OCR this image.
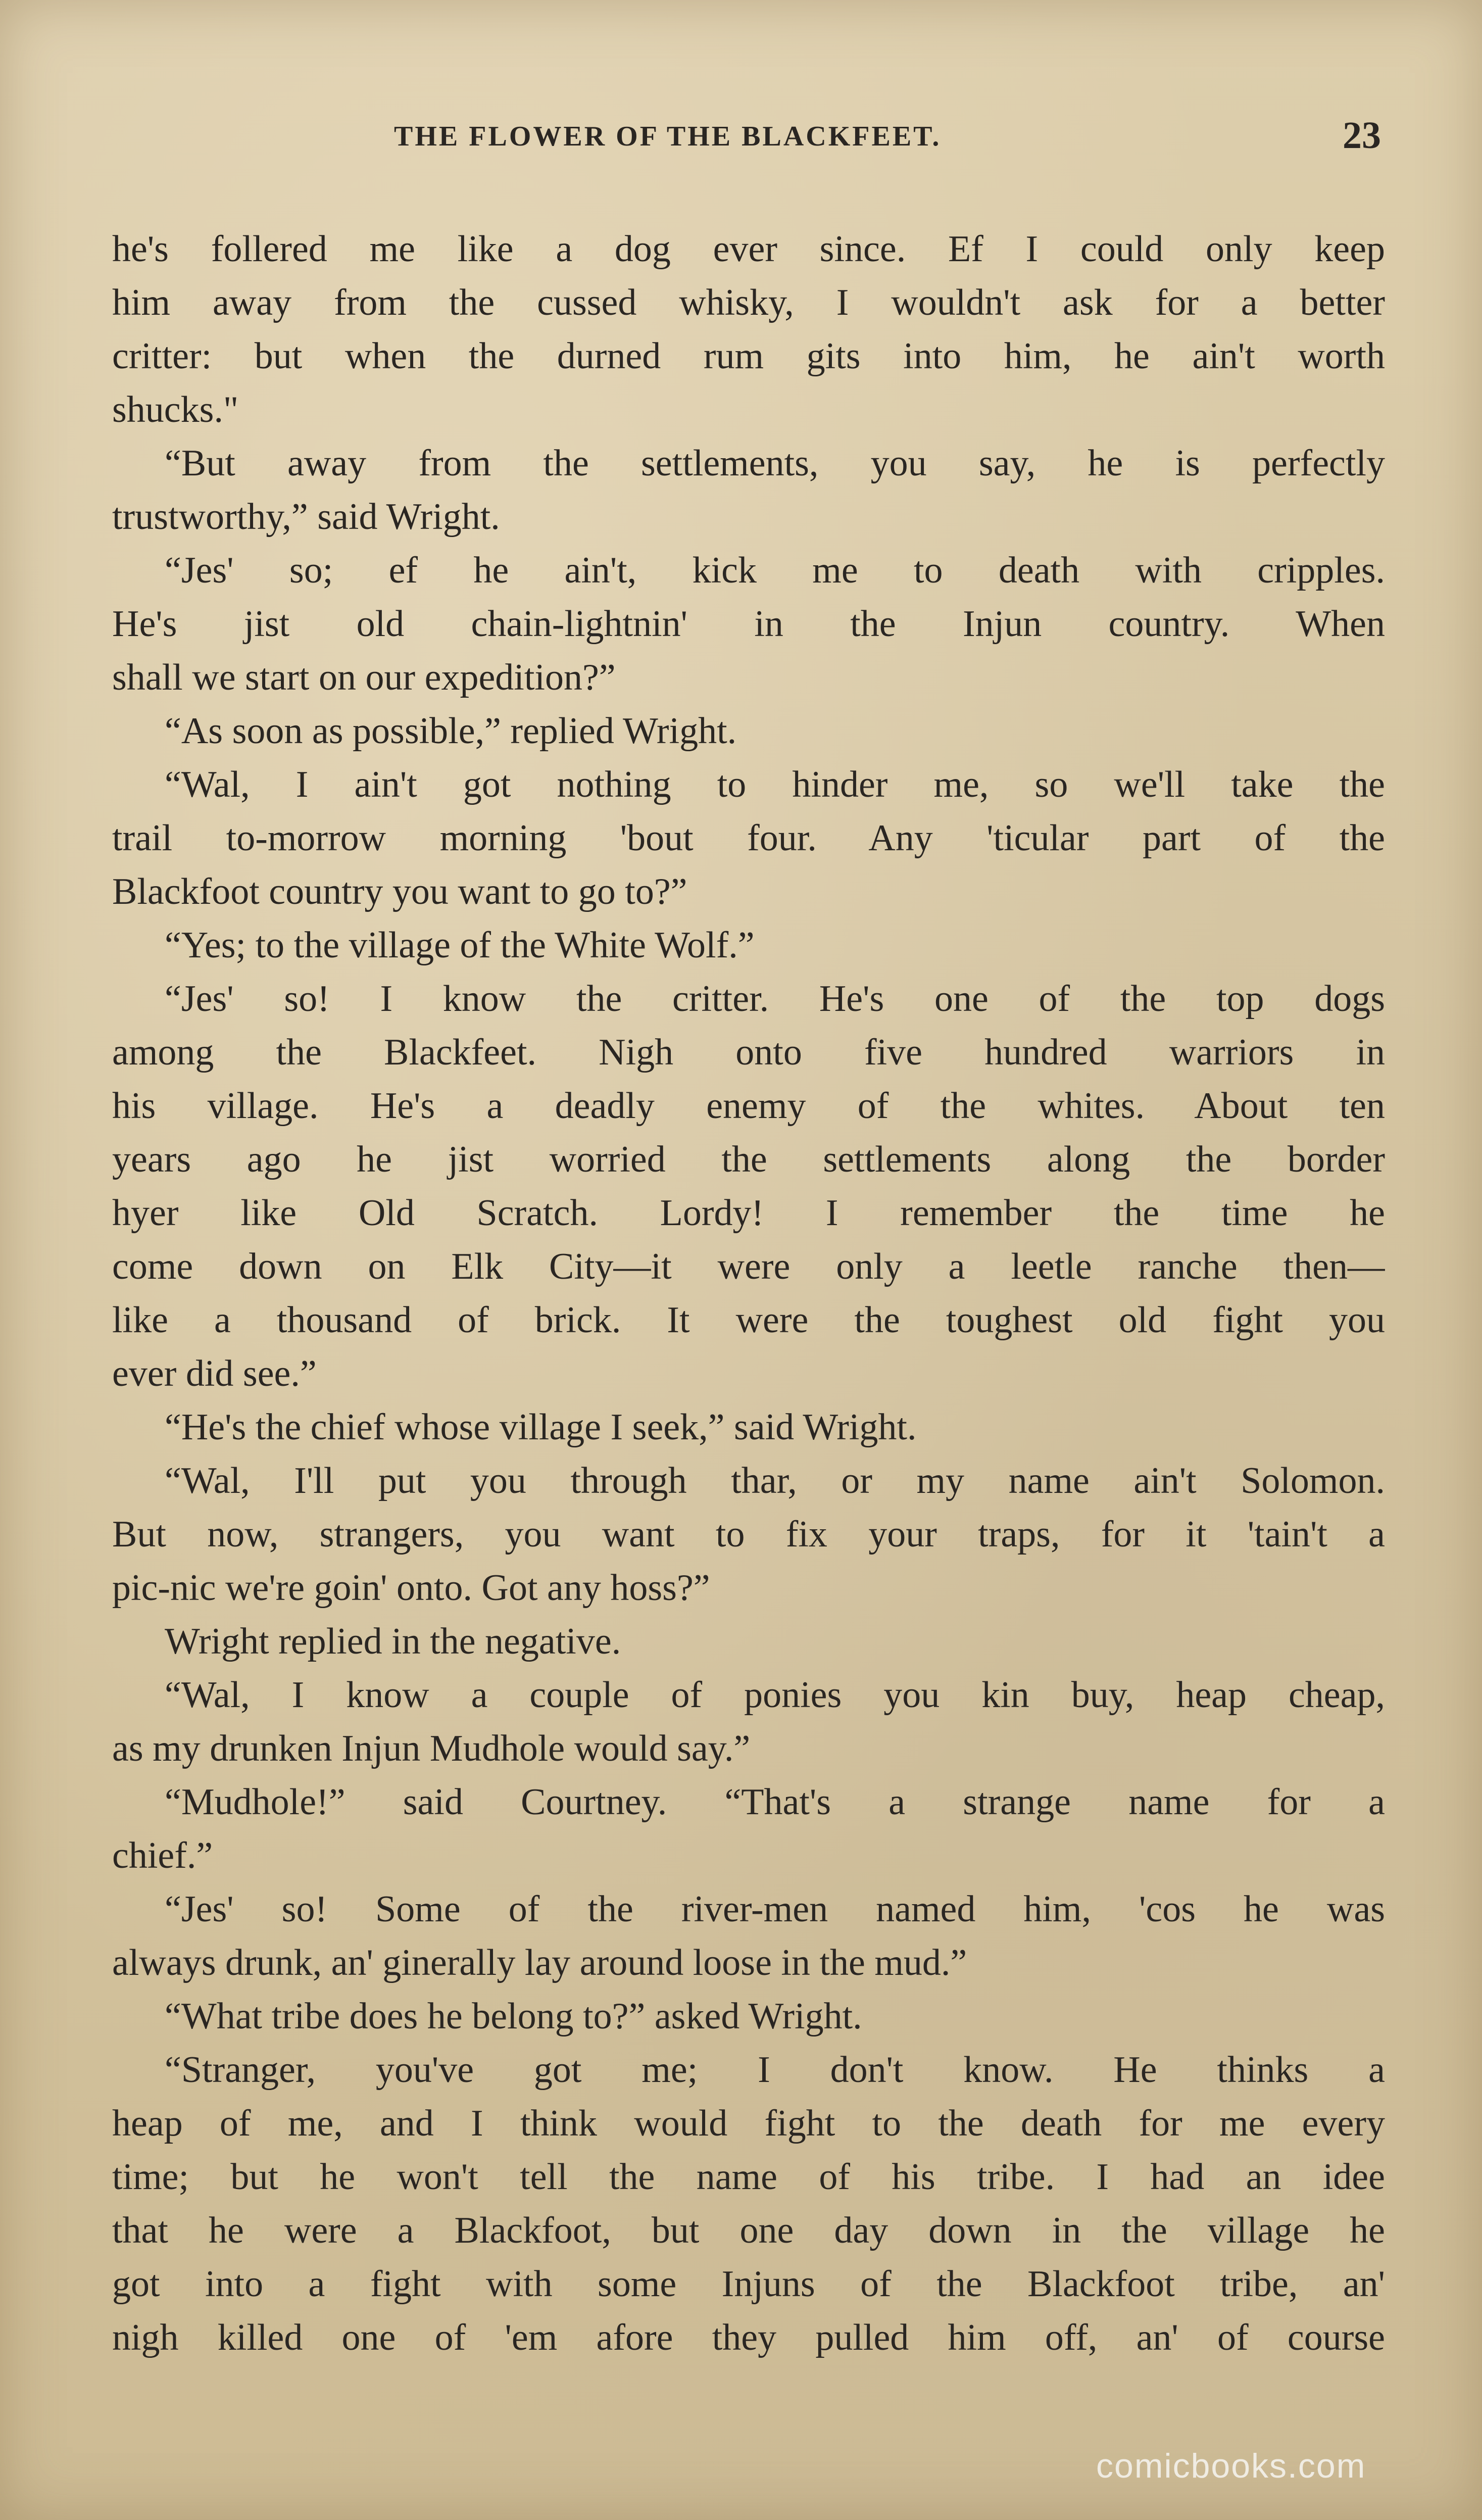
THE FLOWER OF THE BLACKFEET.	23
he's follered me like a dog ever since. Ef I could only keep
him away from the cussed whisky, I wouldn't ask for a better
critter: but when the durned rum gits into him, he ain't worth
shucks."
“But away from the settlements, you say, he is perfectly
trustworthy,” said Wright.
“Jes' so; ef he ain't, kick me to death with cripples.
He's jist old chain-lightnin' in the Injun country. When
shall we start on our expedition?”
“As soon as possible,” replied Wright.
“Wal, I ain't got nothing to hinder me, so we'll take the
trail to-morrow morning 'bout four. Any 'ticular part of the
Blackfoot country you want to go to?”
“Yes; to the village of the White Wolf.”
“Jes' so! I know the critter. He's one of the top dogs
among the Blackfeet. Nigh onto five hundred warriors in
his village. He's a deadly enemy of the whites. About ten
years ago he jist worried the settlements along the border
hyer like Old Scratch. Lordy! I remember the time he
come down on Elk City—it were only a leetle ranche then—
like a thousand of brick. It were the toughest old fight you
ever did see.”
“He's the chief whose village I seek,” said Wright.
“Wal, I'll put you through thar, or my name ain't Solomon.
But now, strangers, you want to fix your traps, for it 'tain't a
pic-nic we're goin' onto. Got any hoss?”
Wright replied in the negative.
“Wal, I know a couple of ponies you kin buy, heap cheap,
as my drunken Injun Mudhole would say.”
“Mudhole!” said Courtney. “That's a strange name for a
chief.”
“Jes' so! Some of the river-men named him, 'cos he was
always drunk, an' ginerally lay around loose in the mud.”
“What tribe does he belong to?” asked Wright.
“Stranger, you've got me; I don't know. He thinks a
heap of me, and I think would fight to the death for me every
time; but he won't tell the name of his tribe. I had an idee
that he were a Blackfoot, but one day down in the village he
got into a fight with some Injuns of the Blackfoot tribe, an'
nigh killed one of 'em afore they pulled him off, an' of course
comicbooks.com
